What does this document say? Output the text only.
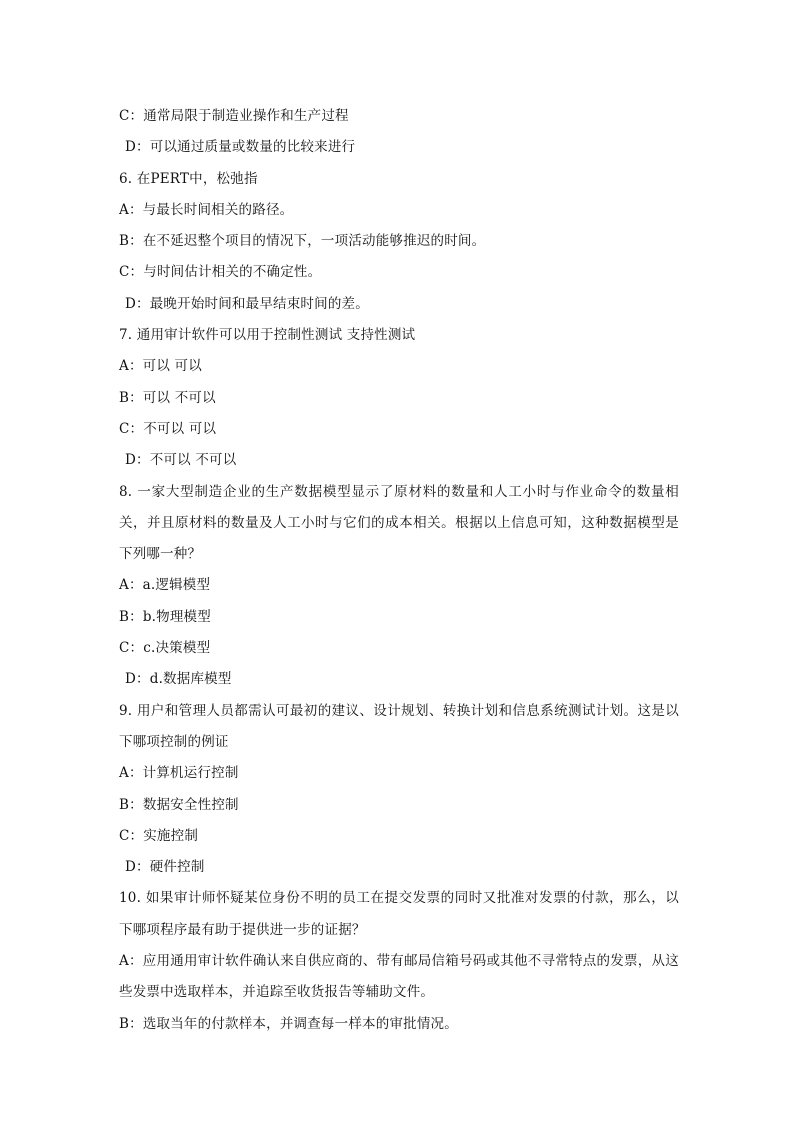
C：通常局限于制造业操作和生产过程
D：可以通过质量或数量的比较来进行
6. 在PERT中，松弛指
A：与最长时间相关的路径。
B：在不延迟整个项目的情况下，一项活动能够推迟的时间。
C：与时间估计相关的不确定性。
D：最晚开始时间和最早结束时间的差。
7. 通用审计软件可以用于控制性测试 支持性测试
A：可以 可以
B：可以 不可以
C：不可以 可以
D：不可以 不可以
8. 一家大型制造企业的生产数据模型显示了原材料的数量和人工小时与作业命令的数量相关，并且原材料的数量及人工小时与它们的成本相关。根据以上信息可知，这种数据模型是下列哪一种？
A：a.逻辑模型
B：b.物理模型
C：c.决策模型
D：d.数据库模型
9. 用户和管理人员都需认可最初的建议、设计规划、转换计划和信息系统测试计划。这是以下哪项控制的例证
A：计算机运行控制
B：数据安全性控制
C：实施控制
D：硬件控制
10. 如果审计师怀疑某位身份不明的员工在提交发票的同时又批准对发票的付款，那么，以下哪项程序最有助于提供进一步的证据？
A：应用通用审计软件确认来自供应商的、带有邮局信箱号码或其他不寻常特点的发票，从这些发票中选取样本，并追踪至收货报告等辅助文件。
B：选取当年的付款样本，并调查每一样本的审批情况。
